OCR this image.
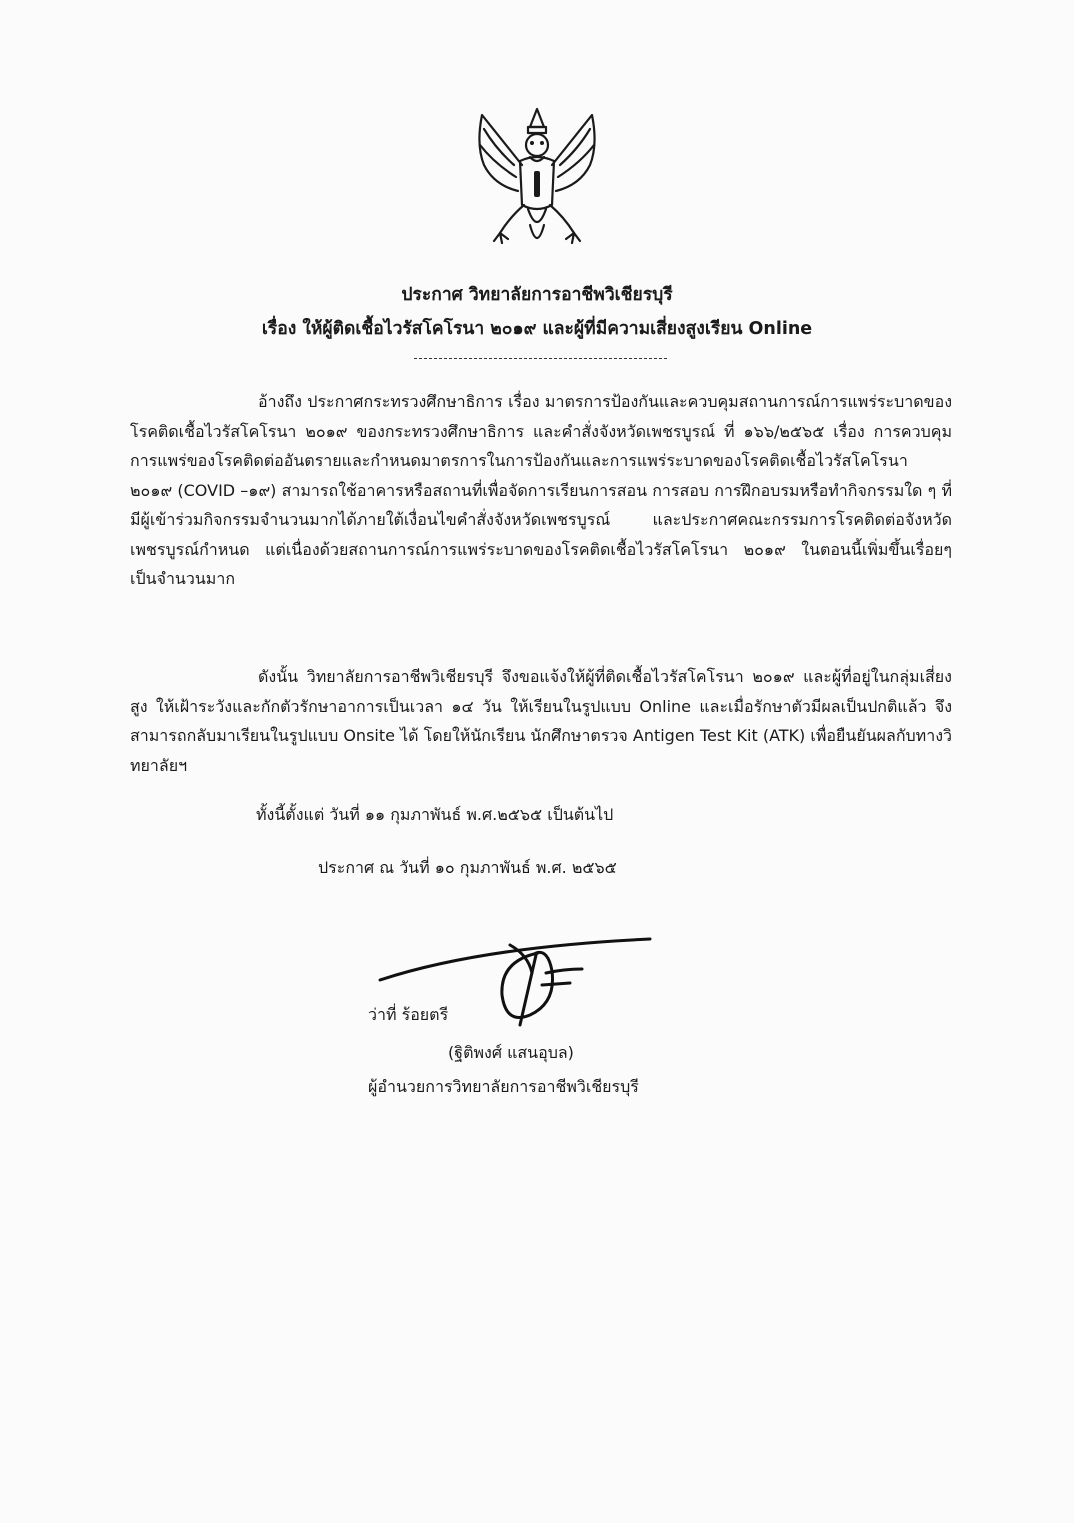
ประกาศ วิทยาลัยการอาชีพวิเชียรบุรี
เรื่อง ให้ผู้ติดเชื้อไวรัสโคโรนา ๒๐๑๙ และผู้ที่มีความเสี่ยงสูงเรียน Online

อ้างถึง ประกาศกระทรวงศึกษาธิการ เรื่อง มาตรการป้องกันและควบคุมสถานการณ์การแพร่ระบาดของโรคติดเชื้อไวรัสโคโรนา ๒๐๑๙ ของกระทรวงศึกษาธิการ และคำสั่งจังหวัดเพชรบูรณ์ ที่ ๑๖๖/๒๕๖๕ เรื่อง การควบคุมการแพร่ของโรคติดต่ออันตรายและกำหนดมาตรการในการป้องกันและการแพร่ระบาดของโรคติดเชื้อไวรัสโคโรนา ๒๐๑๙ (COVID –๑๙) สามารถใช้อาคารหรือสถานที่เพื่อจัดการเรียนการสอน การสอบ การฝึกอบรมหรือทำกิจกรรมใด ๆ ที่มีผู้เข้าร่วมกิจกรรมจำนวนมากได้ภายใต้เงื่อนไขคำสั่งจังหวัดเพชรบูรณ์ และประกาศคณะกรรมการโรคติดต่อจังหวัดเพชรบูรณ์กำหนด แต่เนื่องด้วยสถานการณ์การแพร่ระบาดของโรคติดเชื้อไวรัสโคโรนา ๒๐๑๙ ในตอนนี้เพิ่มขึ้นเรื่อยๆ เป็นจำนวนมาก

ดังนั้น วิทยาลัยการอาชีพวิเชียรบุรี จึงขอแจ้งให้ผู้ที่ติดเชื้อไวรัสโคโรนา ๒๐๑๙ และผู้ที่อยู่ในกลุ่มเสี่ยงสูง ให้เฝ้าระวังและกักตัวรักษาอาการเป็นเวลา ๑๔ วัน ให้เรียนในรูปแบบ Online และเมื่อรักษาตัวมีผลเป็นปกติแล้ว จึงสามารถกลับมาเรียนในรูปแบบ Onsite ได้ โดยให้นักเรียน นักศึกษาตรวจ Antigen Test Kit (ATK) เพื่อยืนยันผลกับทางวิทยาลัยฯ

ทั้งนี้ตั้งแต่ วันที่ ๑๑ กุมภาพันธ์ พ.ศ.๒๕๖๕ เป็นต้นไป
ประกาศ ณ วันที่ ๑๐ กุมภาพันธ์ พ.ศ. ๒๕๖๕
ว่าที่ ร้อยตรี
(ฐิติพงศ์ แสนอุบล)
ผู้อำนวยการวิทยาลัยการอาชีพวิเชียรบุรี
